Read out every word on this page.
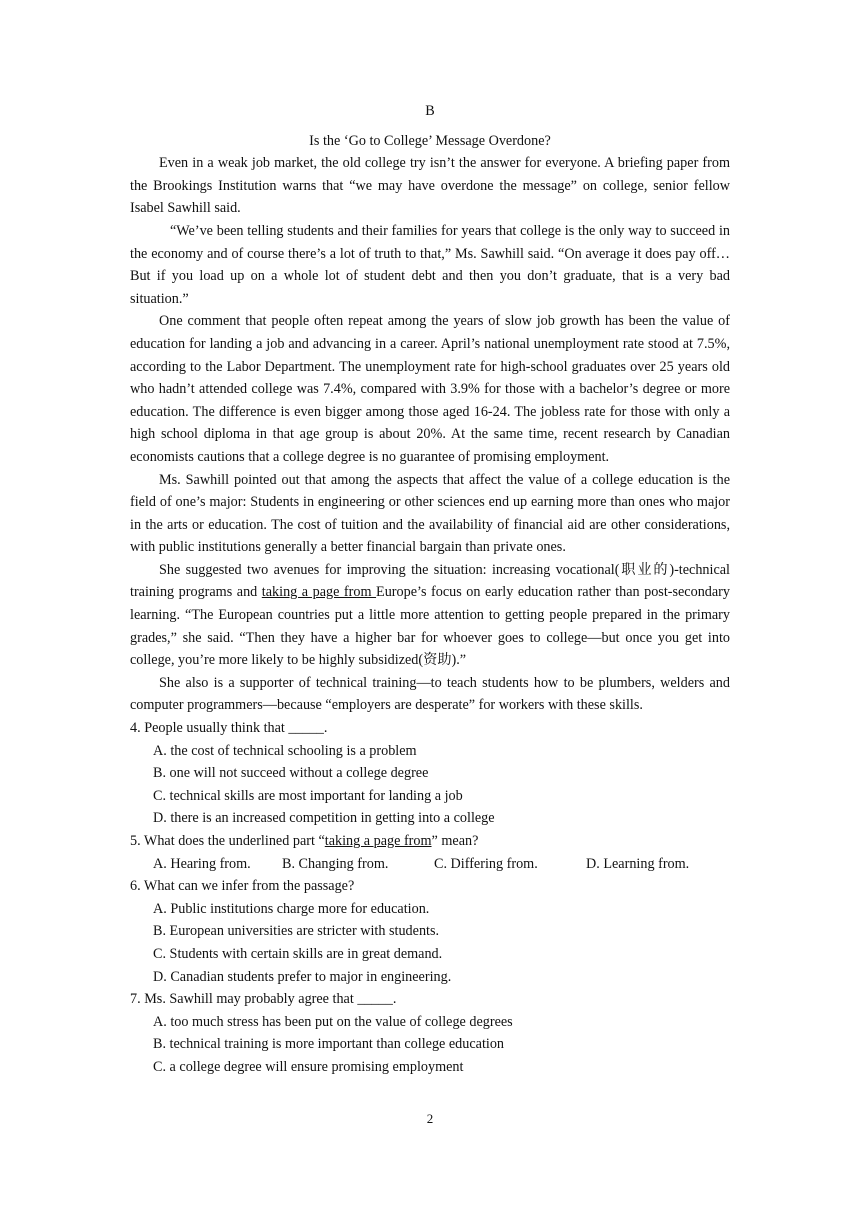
B
Is the ‘Go to College’ Message Overdone?

Even in a weak job market, the old college try isn’t the answer for everyone. A briefing paper from the Brookings Institution warns that “we may have overdone the message” on college, senior fellow Isabel Sawhill said.

“We’ve been telling students and their families for years that college is the only way to succeed in the economy and of course there’s a lot of truth to that,” Ms. Sawhill said. “On average it does pay off… But if you load up on a whole lot of student debt and then you don’t graduate, that is a very bad situation.”

One comment that people often repeat among the years of slow job growth has been the value of education for landing a job and advancing in a career. April’s national unemployment rate stood at 7.5%, according to the Labor Department. The unemployment rate for high-school graduates over 25 years old who hadn’t attended college was 7.4%, compared with 3.9% for those with a bachelor’s degree or more education. The difference is even bigger among those aged 16-24. The jobless rate for those with only a high school diploma in that age group is about 20%. At the same time, recent research by Canadian economists cautions that a college degree is no guarantee of promising employment.

Ms. Sawhill pointed out that among the aspects that affect the value of a college education is the field of one’s major: Students in engineering or other sciences end up earning more than ones who major in the arts or education. The cost of tuition and the availability of financial aid are other considerations, with public institutions generally a better financial bargain than private ones.

She suggested two avenues for improving the situation: increasing vocational(职业的)-technical training programs and taking a page from Europe’s focus on early education rather than post-secondary learning. “The European countries put a little more attention to getting people prepared in the primary grades,” she said. “Then they have a higher bar for whoever goes to college—but once you get into college, you’re more likely to be highly subsidized(资助).”

She also is a supporter of technical training—to teach students how to be plumbers, welders and computer programmers—because “employers are desperate” for workers with these skills.

4. People usually think that _____.
A. the cost of technical schooling is a problem
B. one will not succeed without a college degree
C. technical skills are most important for landing a job
D. there is an increased competition in getting into a college
5. What does the underlined part “taking a page from” mean?
A. Hearing from.	B. Changing from.	C. Differing from.	D. Learning from.
6. What can we infer from the passage?
A. Public institutions charge more for education.
B. European universities are stricter with students.
C. Students with certain skills are in great demand.
D. Canadian students prefer to major in engineering.
7. Ms. Sawhill may probably agree that _____.
A. too much stress has been put on the value of college degrees
B. technical training is more important than college education
C. a college degree will ensure promising employment
2
